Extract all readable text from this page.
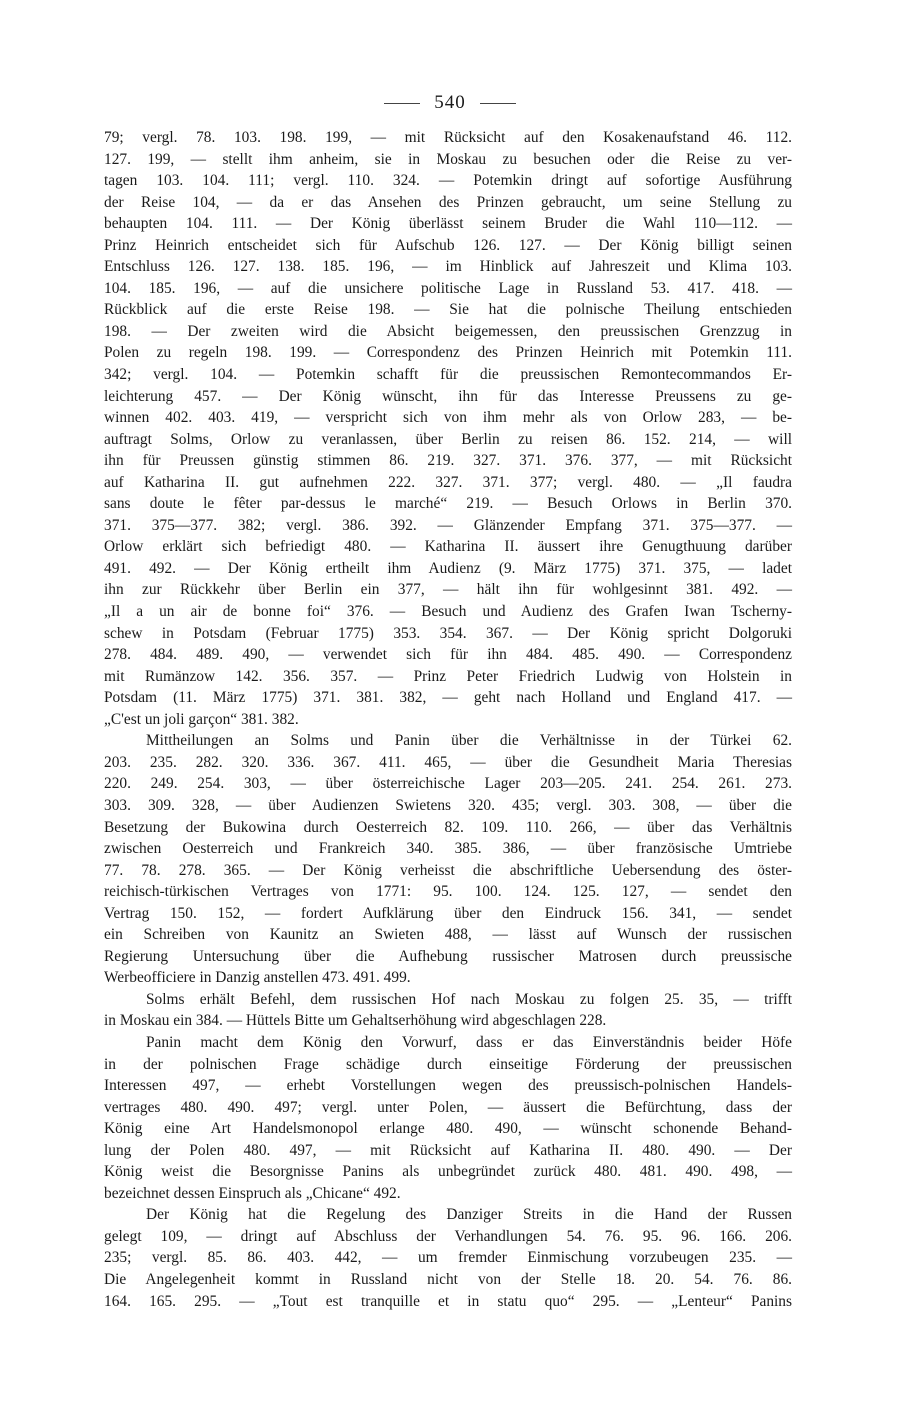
540
79; vergl. 78. 103. 198. 199, — mit Rücksicht auf den Kosakenaufstand 46. 112.
127. 199, — stellt ihm anheim, sie in Moskau zu besuchen oder die Reise zu ver-
tagen 103. 104. 111; vergl. 110. 324. — Potemkin dringt auf sofortige Ausführung
der Reise 104, — da er das Ansehen des Prinzen gebraucht, um seine Stellung zu
behaupten 104. 111. — Der König überlässt seinem Bruder die Wahl 110—112. —
Prinz Heinrich entscheidet sich für Aufschub 126. 127. — Der König billigt seinen
Entschluss 126. 127. 138. 185. 196, — im Hinblick auf Jahreszeit und Klima 103.
104. 185. 196, — auf die unsichere politische Lage in Russland 53. 417. 418. —
Rückblick auf die erste Reise 198. — Sie hat die polnische Theilung entschieden
198. — Der zweiten wird die Absicht beigemessen, den preussischen Grenzzug in
Polen zu regeln 198. 199. — Correspondenz des Prinzen Heinrich mit Potemkin 111.
342; vergl. 104. — Potemkin schafft für die preussischen Remontecommandos Er-
leichterung 457. — Der König wünscht, ihn für das Interesse Preussens zu ge-
winnen 402. 403. 419, — verspricht sich von ihm mehr als von Orlow 283, — be-
auftragt Solms, Orlow zu veranlassen, über Berlin zu reisen 86. 152. 214, — will
ihn für Preussen günstig stimmen 86. 219. 327. 371. 376. 377, — mit Rücksicht
auf Katharina II. gut aufnehmen 222. 327. 371. 377; vergl. 480. — „Il faudra
sans doute le fêter par-dessus le marché“ 219. — Besuch Orlows in Berlin 370.
371. 375—377. 382; vergl. 386. 392. — Glänzender Empfang 371. 375—377. —
Orlow erklärt sich befriedigt 480. — Katharina II. äussert ihre Genugthuung darüber
491. 492. — Der König ertheilt ihm Audienz (9. März 1775) 371. 375, — ladet
ihn zur Rückkehr über Berlin ein 377, — hält ihn für wohlgesinnt 381. 492. —
„Il a un air de bonne foi“ 376. — Besuch und Audienz des Grafen Iwan Tscherny-
schew in Potsdam (Februar 1775) 353. 354. 367. — Der König spricht Dolgoruki
278. 484. 489. 490, — verwendet sich für ihn 484. 485. 490. — Correspondenz
mit Rumänzow 142. 356. 357. — Prinz Peter Friedrich Ludwig von Holstein in
Potsdam (11. März 1775) 371. 381. 382, — geht nach Holland und England 417. —
„C'est un joli garçon“ 381. 382.
Mittheilungen an Solms und Panin über die Verhältnisse in der Türkei 62.
203. 235. 282. 320. 336. 367. 411. 465, — über die Gesundheit Maria Theresias
220. 249. 254. 303, — über österreichische Lager 203—205. 241. 254. 261. 273.
303. 309. 328, — über Audienzen Swietens 320. 435; vergl. 303. 308, — über die
Besetzung der Bukowina durch Oesterreich 82. 109. 110. 266, — über das Verhältnis
zwischen Oesterreich und Frankreich 340. 385. 386, — über französische Umtriebe
77. 78. 278. 365. — Der König verheisst die abschriftliche Uebersendung des öster-
reichisch-türkischen Vertrages von 1771: 95. 100. 124. 125. 127, — sendet den
Vertrag 150. 152, — fordert Aufklärung über den Eindruck 156. 341, — sendet
ein Schreiben von Kaunitz an Swieten 488, — lässt auf Wunsch der russischen
Regierung Untersuchung über die Aufhebung russischer Matrosen durch preussische
Werbeofficiere in Danzig anstellen 473. 491. 499.
Solms erhält Befehl, dem russischen Hof nach Moskau zu folgen 25. 35, — trifft
in Moskau ein 384. — Hüttels Bitte um Gehaltserhöhung wird abgeschlagen 228.
Panin macht dem König den Vorwurf, dass er das Einverständnis beider Höfe
in der polnischen Frage schädige durch einseitige Förderung der preussischen
Interessen 497, — erhebt Vorstellungen wegen des preussisch-polnischen Handels-
vertrages 480. 490. 497; vergl. unter Polen, — äussert die Befürchtung, dass der
König eine Art Handelsmonopol erlange 480. 490, — wünscht schonende Behand-
lung der Polen 480. 497, — mit Rücksicht auf Katharina II. 480. 490. — Der
König weist die Besorgnisse Panins als unbegründet zurück 480. 481. 490. 498, —
bezeichnet dessen Einspruch als „Chicane“ 492.
Der König hat die Regelung des Danziger Streits in die Hand der Russen
gelegt 109, — dringt auf Abschluss der Verhandlungen 54. 76. 95. 96. 166. 206.
235; vergl. 85. 86. 403. 442, — um fremder Einmischung vorzubeugen 235. —
Die Angelegenheit kommt in Russland nicht von der Stelle 18. 20. 54. 76. 86.
164. 165. 295. — „Tout est tranquille et in statu quo“ 295. — „Lenteur“ Panins
